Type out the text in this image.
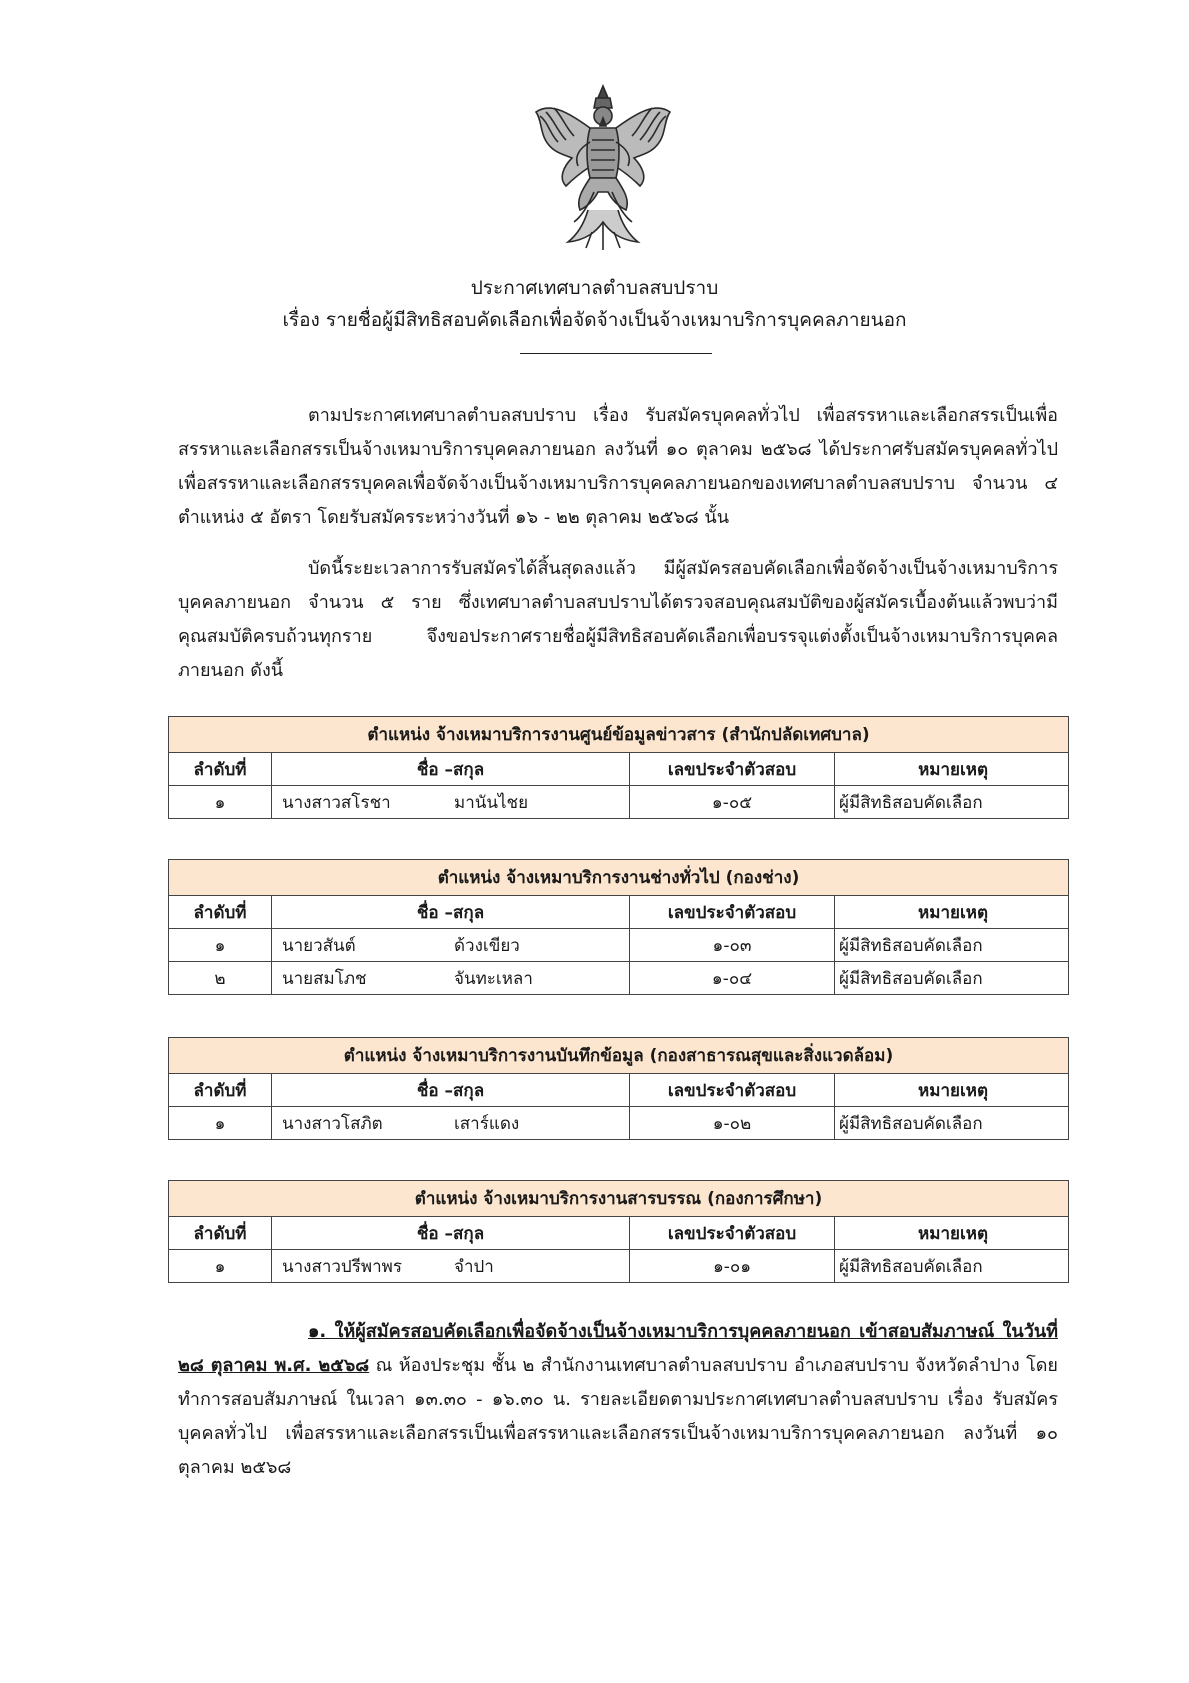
ประกาศเทศบาลตำบลสบปราบ
เรื่อง รายชื่อผู้มีสิทธิสอบคัดเลือกเพื่อจัดจ้างเป็นจ้างเหมาบริการบุคคลภายนอก

ตามประกาศเทศบาลตำบลสบปราบ เรื่อง รับสมัครบุคคลทั่วไป เพื่อสรรหาและเลือกสรรเป็นเพื่อสรรหาและเลือกสรรเป็นจ้างเหมาบริการบุคคลภายนอก ลงวันที่ ๑๐ ตุลาคม ๒๕๖๘ ได้ประกาศรับสมัครบุคคลทั่วไปเพื่อสรรหาและเลือกสรรบุคคลเพื่อจัดจ้างเป็นจ้างเหมาบริการบุคคลภายนอกของเทศบาลตำบลสบปราบ จำนวน ๔ ตำแหน่ง ๕ อัตรา โดยรับสมัครระหว่างวันที่ ๑๖ - ๒๒ ตุลาคม ๒๕๖๘ นั้น

บัดนี้ระยะเวลาการรับสมัครได้สิ้นสุดลงแล้ว มีผู้สมัครสอบคัดเลือกเพื่อจัดจ้างเป็นจ้างเหมาบริการบุคคลภายนอก จำนวน ๕ ราย ซึ่งเทศบาลตำบลสบปราบได้ตรวจสอบคุณสมบัติของผู้สมัครเบื้องต้นแล้วพบว่ามีคุณสมบัติครบถ้วนทุกราย จึงขอประกาศรายชื่อผู้มีสิทธิสอบคัดเลือกเพื่อบรรจุแต่งตั้งเป็นจ้างเหมาบริการบุคคลภายนอก ดังนี้

ตำแหน่ง จ้างเหมาบริการงานศูนย์ข้อมูลข่าวสาร (สำนักปลัดเทศบาล)			
ลำดับที่	ชื่อ –สกุล	เลขประจำตัวสอบ	หมายเหตุ
๑	นางสาวสโรชา มานันไชย	๑-๐๕	ผู้มีสิทธิสอบคัดเลือก
ตำแหน่ง จ้างเหมาบริการงานช่างทั่วไป (กองช่าง)			
ลำดับที่	ชื่อ –สกุล	เลขประจำตัวสอบ	หมายเหตุ
๑	นายวสันต์ ด้วงเขียว	๑-๐๓	ผู้มีสิทธิสอบคัดเลือก
๒	นายสมโภช จันทะเหลา	๑-๐๔	ผู้มีสิทธิสอบคัดเลือก
ตำแหน่ง จ้างเหมาบริการงานบันทึกข้อมูล (กองสาธารณสุขและสิ่งแวดล้อม)			
ลำดับที่	ชื่อ –สกุล	เลขประจำตัวสอบ	หมายเหตุ
๑	นางสาวโสภิต เสาร์แดง	๑-๐๒	ผู้มีสิทธิสอบคัดเลือก
ตำแหน่ง จ้างเหมาบริการงานสารบรรณ (กองการศึกษา)			
ลำดับที่	ชื่อ –สกุล	เลขประจำตัวสอบ	หมายเหตุ
๑	นางสาวปรีพาพร จำปา	๑-๐๑	ผู้มีสิทธิสอบคัดเลือก

๑. ให้ผู้สมัครสอบคัดเลือกเพื่อจัดจ้างเป็นจ้างเหมาบริการบุคคลภายนอก เข้าสอบสัมภาษณ์ ในวันที่ ๒๘ ตุลาคม พ.ศ. ๒๕๖๘ ณ ห้องประชุม ชั้น ๒ สำนักงานเทศบาลตำบลสบปราบ อำเภอสบปราบ จังหวัดลำปาง โดยทำการสอบสัมภาษณ์ ในเวลา ๑๓.๓๐ - ๑๖.๓๐ น. รายละเอียดตามประกาศเทศบาลตำบลสบปราบ เรื่อง รับสมัครบุคคลทั่วไป เพื่อสรรหาและเลือกสรรเป็นเพื่อสรรหาและเลือกสรรเป็นจ้างเหมาบริการบุคคลภายนอก ลงวันที่ ๑๐ ตุลาคม ๒๕๖๘
